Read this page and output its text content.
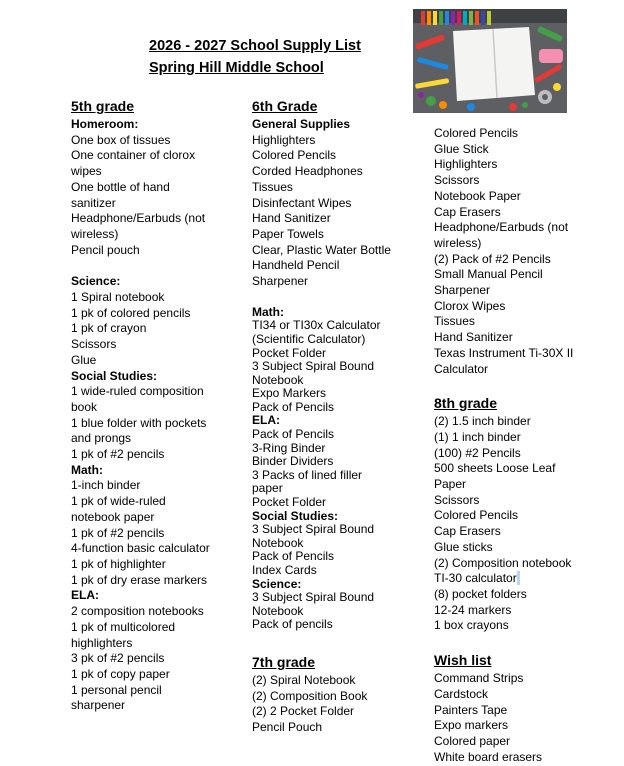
2026 - 2027 School Supply List
Spring Hill Middle School
5th grade
Homeroom:
One box of tissues
One container of clorox
wipes
One bottle of hand
sanitizer
Headphone/Earbuds (not
wireless)
Pencil pouch
Science:
1 Spiral notebook
1 pk of colored pencils
1 pk of crayon
Scissors
Glue
Social Studies:
1 wide-ruled composition
book
1 blue folder with pockets
and prongs
1 pk of #2 pencils
Math:
1-inch binder
1 pk of wide-ruled
notebook paper
1 pk of #2 pencils
4-function basic calculator
1 pk of highlighter
1 pk of dry erase markers
ELA:
2 composition notebooks
1 pk of multicolored
highlighters
3 pk of #2 pencils
1 pk of copy paper
1 personal pencil
sharpener
6th Grade
General Supplies
Highlighters
Colored Pencils
Corded Headphones
Tissues
Disinfectant Wipes
Hand Sanitizer
Paper Towels
Clear, Plastic Water Bottle
Handheld Pencil
Sharpener
Math:
TI34 or TI30x Calculator
(Scientific Calculator)
Pocket Folder
3 Subject Spiral Bound
Notebook
Expo Markers
Pack of Pencils
ELA:
Pack of Pencils
3-Ring Binder
Binder Dividers
3 Packs of lined filler
paper
Pocket Folder
Social Studies:
3 Subject Spiral Bound
Notebook
Pack of Pencils
Index Cards
Science:
3 Subject Spiral Bound
Notebook
Pack of pencils
7th grade
(2) Spiral Notebook
(2) Composition Book
(2) 2 Pocket Folder
Pencil Pouch
Colored Pencils
Glue Stick
Highlighters
Scissors
Notebook Paper
Cap Erasers
Headphone/Earbuds (not
wireless)
(2) Pack of #2 Pencils
Small Manual Pencil
Sharpener
Clorox Wipes
Tissues
Hand Sanitizer
Texas Instrument Ti-30X II
Calculator
8th grade
(2) 1.5 inch binder
(1) 1 inch binder
(100) #2 Pencils
500 sheets Loose Leaf
Paper
Scissors
Colored Pencils
Cap Erasers
Glue sticks
(2) Composition notebook
TI-30 calculator
(8) pocket folders
12-24 markers
1 box crayons
Wish list
Command Strips
Cardstock
Painters Tape
Expo markers
Colored paper
White board erasers
